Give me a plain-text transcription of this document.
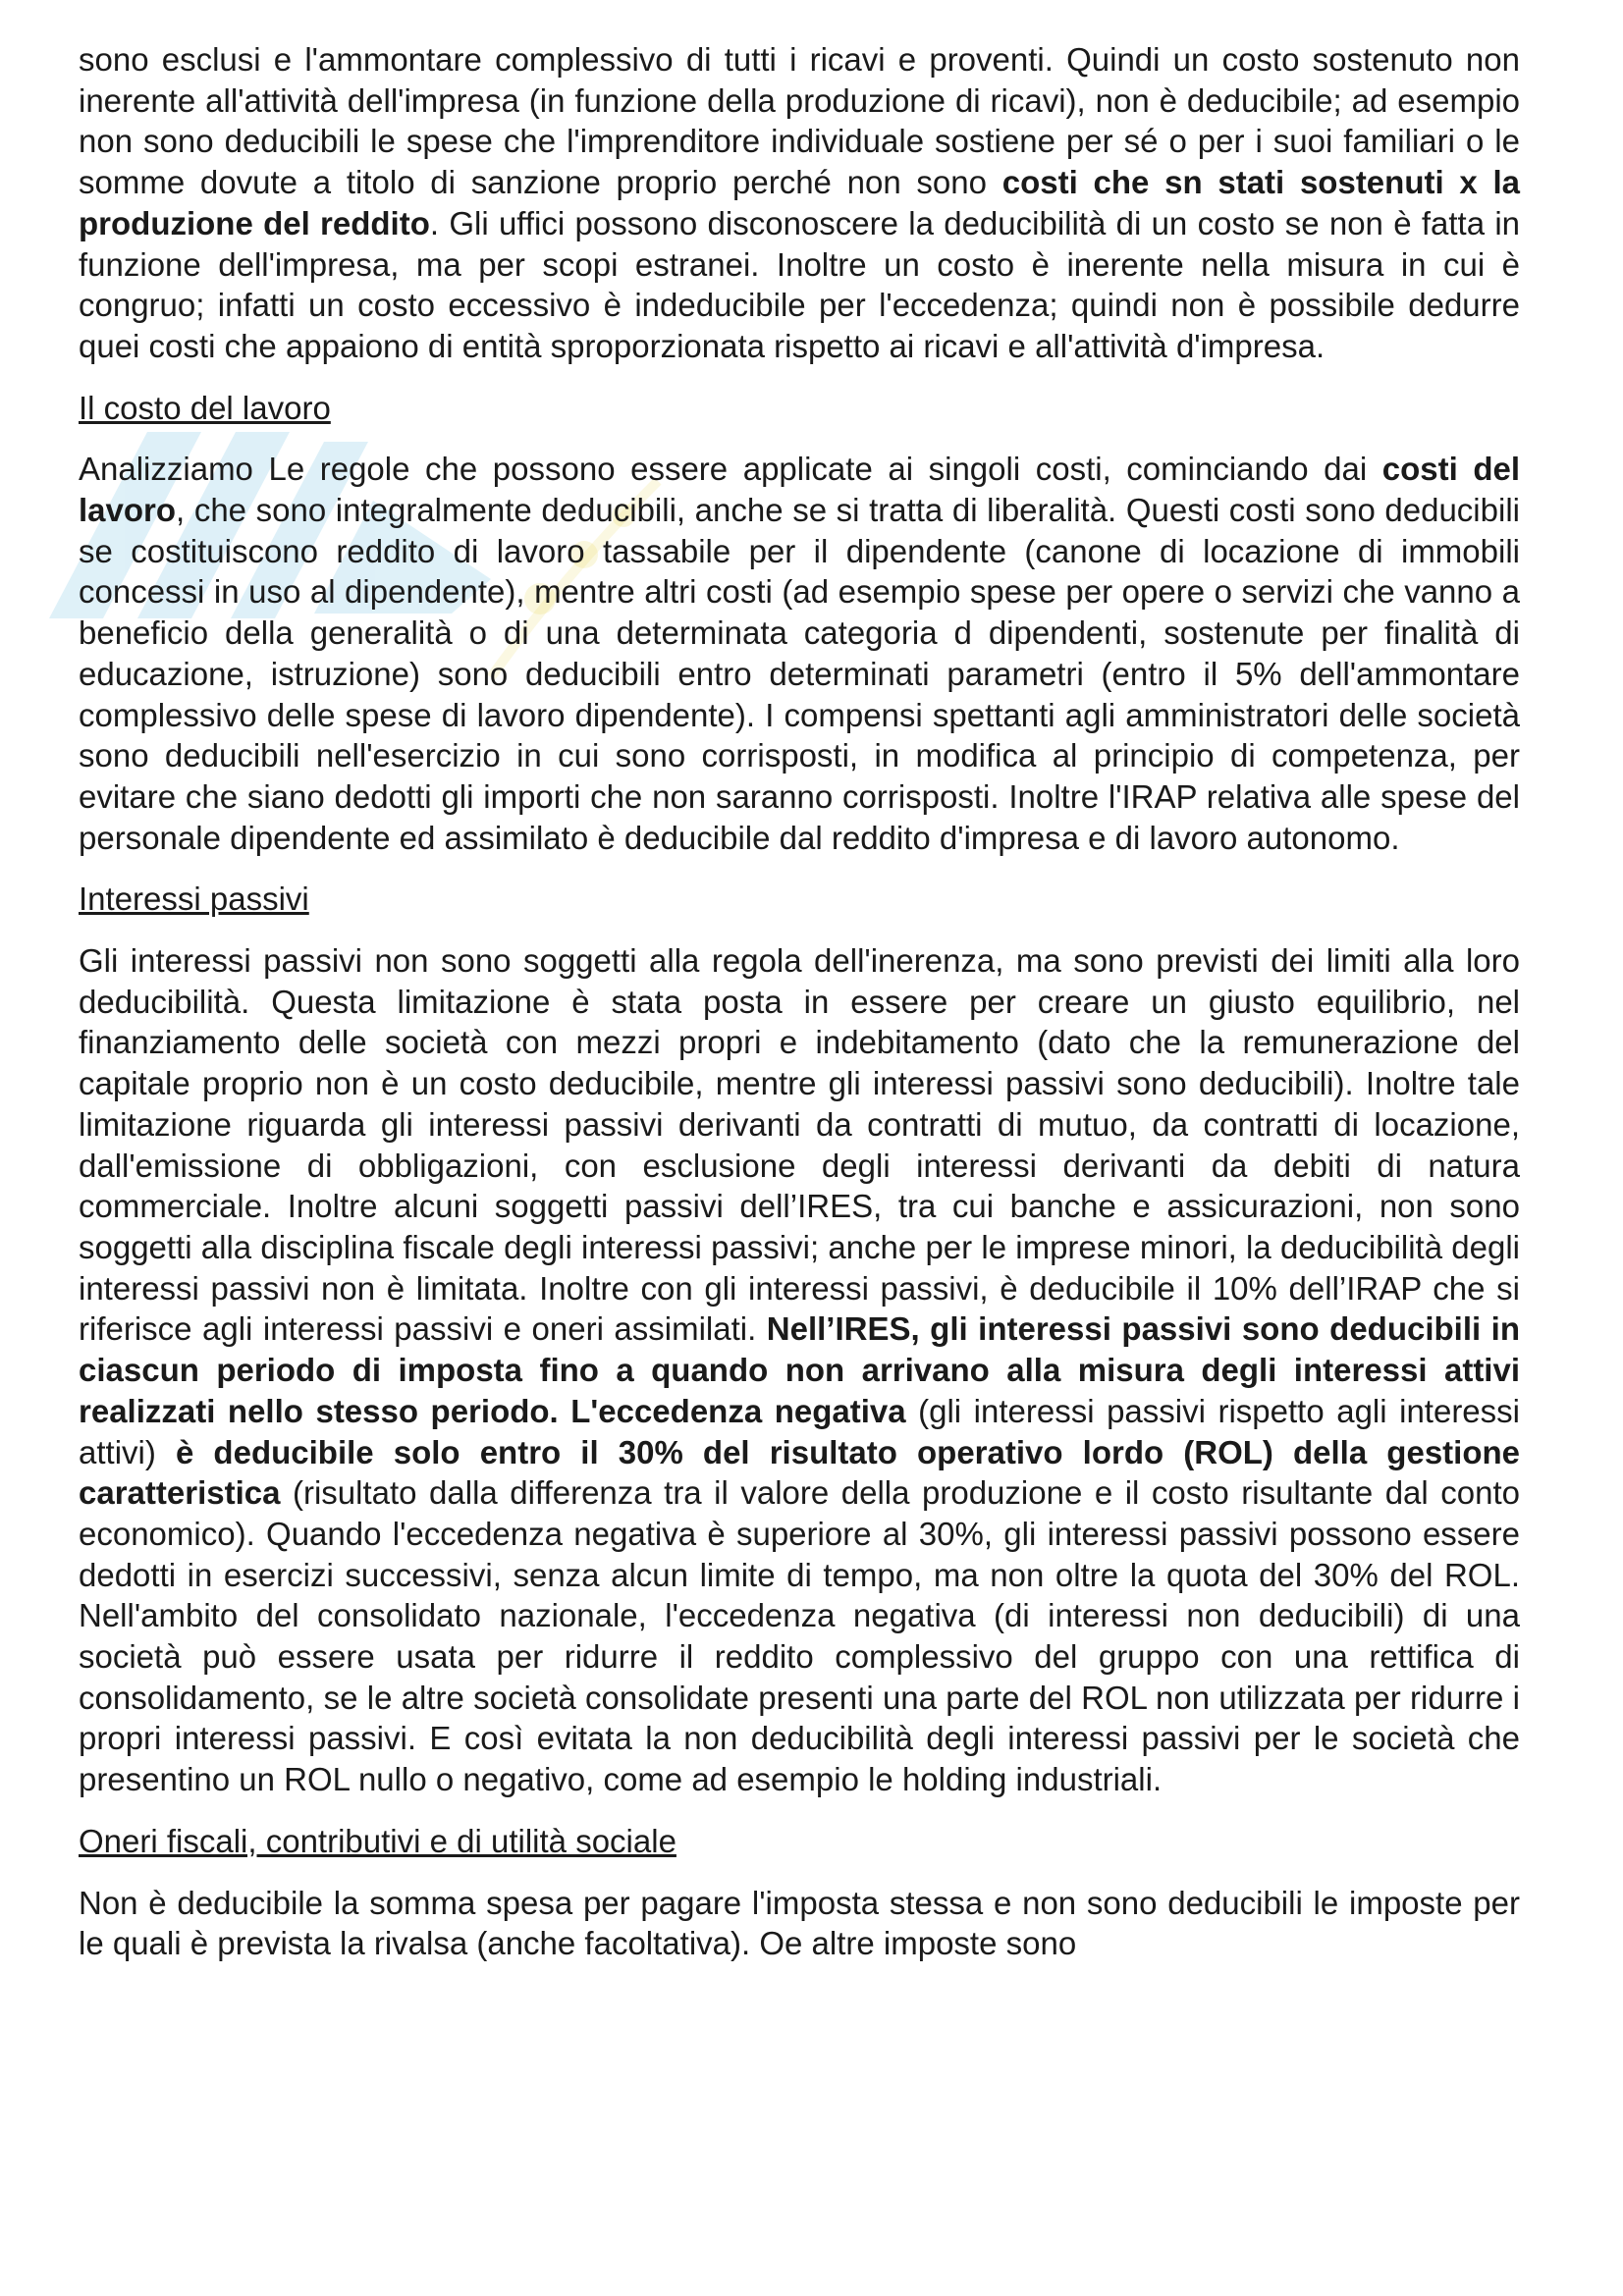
sono esclusi e l'ammontare complessivo di tutti i ricavi e proventi. Quindi un costo sostenuto non inerente all'attività dell'impresa (in funzione della produzione di ricavi), non è deducibile; ad esempio non sono deducibili le spese che l'imprenditore individuale sostiene per sé o per i suoi familiari o le somme dovute a titolo di sanzione proprio perché non sono costi che sn stati sostenuti x la produzione del reddito. Gli uffici possono disconoscere la deducibilità di un costo se non è fatta in funzione dell'impresa, ma per scopi estranei. Inoltre un costo è inerente nella misura in cui è congruo; infatti un costo eccessivo è indeducibile per l'eccedenza; quindi non è possibile dedurre quei costi che appaiono di entità sproporzionata rispetto ai ricavi e all'attività d'impresa.

Il costo del lavoro

Analizziamo Le regole che possono essere applicate ai singoli costi, cominciando dai costi del lavoro, che sono integralmente deducibili, anche se si tratta di liberalità. Questi costi sono deducibili se costituiscono reddito di lavoro tassabile per il dipendente (canone di locazione di immobili concessi in uso al dipendente), mentre altri costi (ad esempio spese per opere o servizi che vanno a beneficio della generalità o di una determinata categoria d dipendenti, sostenute per finalità di educazione, istruzione) sono deducibili entro determinati parametri (entro il 5% dell'ammontare complessivo delle spese di lavoro dipendente). I compensi spettanti agli amministratori delle società sono deducibili nell'esercizio in cui sono corrisposti, in modifica al principio di competenza, per evitare che siano dedotti gli importi che non saranno corrisposti. Inoltre l'IRAP relativa alle spese del personale dipendente ed assimilato è deducibile dal reddito d'impresa e di lavoro autonomo.

Interessi passivi

Gli interessi passivi non sono soggetti alla regola dell'inerenza, ma sono previsti dei limiti alla loro deducibilità. Questa limitazione è stata posta in essere per creare un giusto equilibrio, nel finanziamento delle società con mezzi propri e indebitamento (dato che la remunerazione del capitale proprio non è un costo deducibile, mentre gli interessi passivi sono deducibili). Inoltre tale limitazione riguarda gli interessi passivi derivanti da contratti di mutuo, da contratti di locazione, dall'emissione di obbligazioni, con esclusione degli interessi derivanti da debiti di natura commerciale. Inoltre alcuni soggetti passivi dell’IRES, tra cui banche e assicurazioni, non sono soggetti alla disciplina fiscale degli interessi passivi; anche per le imprese minori, la deducibilità degli interessi passivi non è limitata. Inoltre con gli interessi passivi, è deducibile il 10% dell’IRAP che si riferisce agli interessi passivi e oneri assimilati. Nell’IRES, gli interessi passivi sono deducibili in ciascun periodo di imposta fino a quando non arrivano alla misura degli interessi attivi realizzati nello stesso periodo. L'eccedenza negativa (gli interessi passivi rispetto agli interessi attivi) è deducibile solo entro il 30% del risultato operativo lordo (ROL) della gestione caratteristica (risultato dalla differenza tra il valore della produzione e il costo risultante dal conto economico). Quando l'eccedenza negativa è superiore al 30%, gli interessi passivi possono essere dedotti in esercizi successivi, senza alcun limite di tempo, ma non oltre la quota del 30% del ROL. Nell'ambito del consolidato nazionale, l'eccedenza negativa (di interessi non deducibili) di una società può essere usata per ridurre il reddito complessivo del gruppo con una rettifica di consolidamento, se le altre società consolidate presenti una parte del ROL non utilizzata per ridurre i propri interessi passivi. E così evitata la non deducibilità degli interessi passivi per le società che presentino un ROL nullo o negativo, come ad esempio le holding industriali.

Oneri fiscali, contributivi e di utilità sociale

Non è deducibile la somma spesa per pagare l'imposta stessa e non sono deducibili le imposte per le quali è prevista la rivalsa (anche facoltativa). Oe altre imposte sono
